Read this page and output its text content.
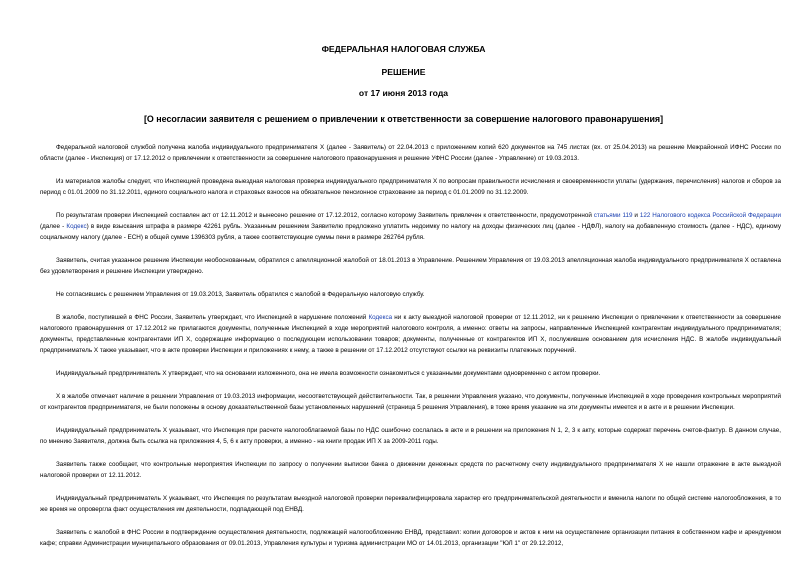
ФЕДЕРАЛЬНАЯ НАЛОГОВАЯ СЛУЖБА
РЕШЕНИЕ
от 17 июня 2013 года
[О несогласии заявителя с решением о привлечении к ответственности за совершение налогового правонарушения]

Федеральной налоговой службой получена жалоба индивидуального предпринимателя Х (далее - Заявитель) от 22.04.2013 с приложением копий 620 документов на 745 листах (вх. от 25.04.2013) на решение Межрайонной ИФНС России по области (далее - Инспекция) от 17.12.2012 о привлечении к ответственности за совершение налогового правонарушения и решение УФНС России (далее - Управление) от 19.03.2013.

Из материалов жалобы следует, что Инспекцией проведена выездная налоговая проверка индивидуального предпринимателя Х по вопросам правильности исчисления и своевременности уплаты (удержания, перечисления) налогов и сборов за период с 01.01.2009 по 31.12.2011, единого социального налога и страховых взносов на обязательное пенсионное страхование за период с 01.01.2009 по 31.12.2009.

По результатам проверки Инспекцией составлен акт от 12.11.2012 и вынесено решение от 17.12.2012, согласно которому Заявитель привлечен к ответственности, предусмотренной статьями 119 и 122 Налогового кодекса Российской Федерации (далее - Кодекс) в виде взыскания штрафа в размере 42261 рубль. Указанным решением Заявителю предложено уплатить недоимку по налогу на доходы физических лиц (далее - НДФЛ), налогу на добавленную стоимость (далее - НДС), единому социальному налогу (далее - ЕСН) в общей сумме 1396303 рубля, а также соответствующие суммы пени в размере 262764 рубля.

Заявитель, считая указанное решение Инспекции необоснованным, обратился с апелляционной жалобой от 18.01.2013 в Управление. Решением Управления от 19.03.2013 апелляционная жалоба индивидуального предпринимателя Х оставлена без удовлетворения и решение Инспекции утверждено.

Не согласившись с решением Управления от 19.03.2013, Заявитель обратился с жалобой в Федеральную налоговую службу.

В жалобе, поступившей в ФНС России, Заявитель утверждает, что Инспекцией в нарушение положений Кодекса ни к акту выездной налоговой проверки от 12.11.2012, ни к решению Инспекции о привлечении к ответственности за совершение налогового правонарушения от 17.12.2012 не прилагаются документы, полученные Инспекцией в ходе мероприятий налогового контроля, а именно: ответы на запросы, направленные Инспекцией контрагентам индивидуального предпринимателя; документы, представленные контрагентами ИП Х, содержащие информацию о последующем использовании товаров; документы, полученные от контрагентов ИП Х, послужившие основанием для исчисления НДС. В жалобе индивидуальный предприниматель Х также указывает, что в акте проверки Инспекции и приложениях к нему, а также в решении от 17.12.2012 отсутствуют ссылки на реквизиты платежных поручений.

Индивидуальный предприниматель Х утверждает, что на основании изложенного, она не имела возможности ознакомиться с указанными документами одновременно с актом проверки.

Х в жалобе отмечает наличие в решении Управления от 19.03.2013 информации, несоответствующей действительности. Так, в решении Управления указано, что документы, полученные Инспекцией в ходе проведения контрольных мероприятий от контрагентов предпринимателя, не были положены в основу доказательственной базы установленных нарушений (страница 5 решения Управления), в тоже время указание на эти документы имеется и в акте и в решении Инспекции.

Индивидуальный предприниматель Х указывает, что Инспекция при расчете налогооблагаемой базы по НДС ошибочно сослалась в акте и в решении на приложения N 1, 2, 3 к акту, которые содержат перечень счетов-фактур. В данном случае, по мнению Заявителя, должна быть ссылка на приложения 4, 5, 6 к акту проверки, а именно - на книги продаж ИП Х за 2009-2011 годы.

Заявитель также сообщает, что контрольные мероприятия Инспекции по запросу о получении выписки банка о движении денежных средств по расчетному счету индивидуального предпринимателя Х не нашли отражение в акте выездной налоговой проверки от 12.11.2012.

Индивидуальный предприниматель Х указывает, что Инспекция по результатам выездной налоговой проверки переквалифицировала характер его предпринимательской деятельности и вменила налоги по общей системе налогообложения, в то же время не опровергла факт осуществления им деятельности, подпадающей под ЕНВД.

Заявитель с жалобой в ФНС России в подтверждение осуществления деятельности, подлежащей налогообложению ЕНВД, представил: копии договоров и актов к ним на осуществление организации питания в собственном кафе и арендуемом кафе; справки Администрации муниципального образования от 09.01.2013, Управления культуры и туризма администрации МО от 14.01.2013, организации "ЮЛ 1" от 29.12.2012,
